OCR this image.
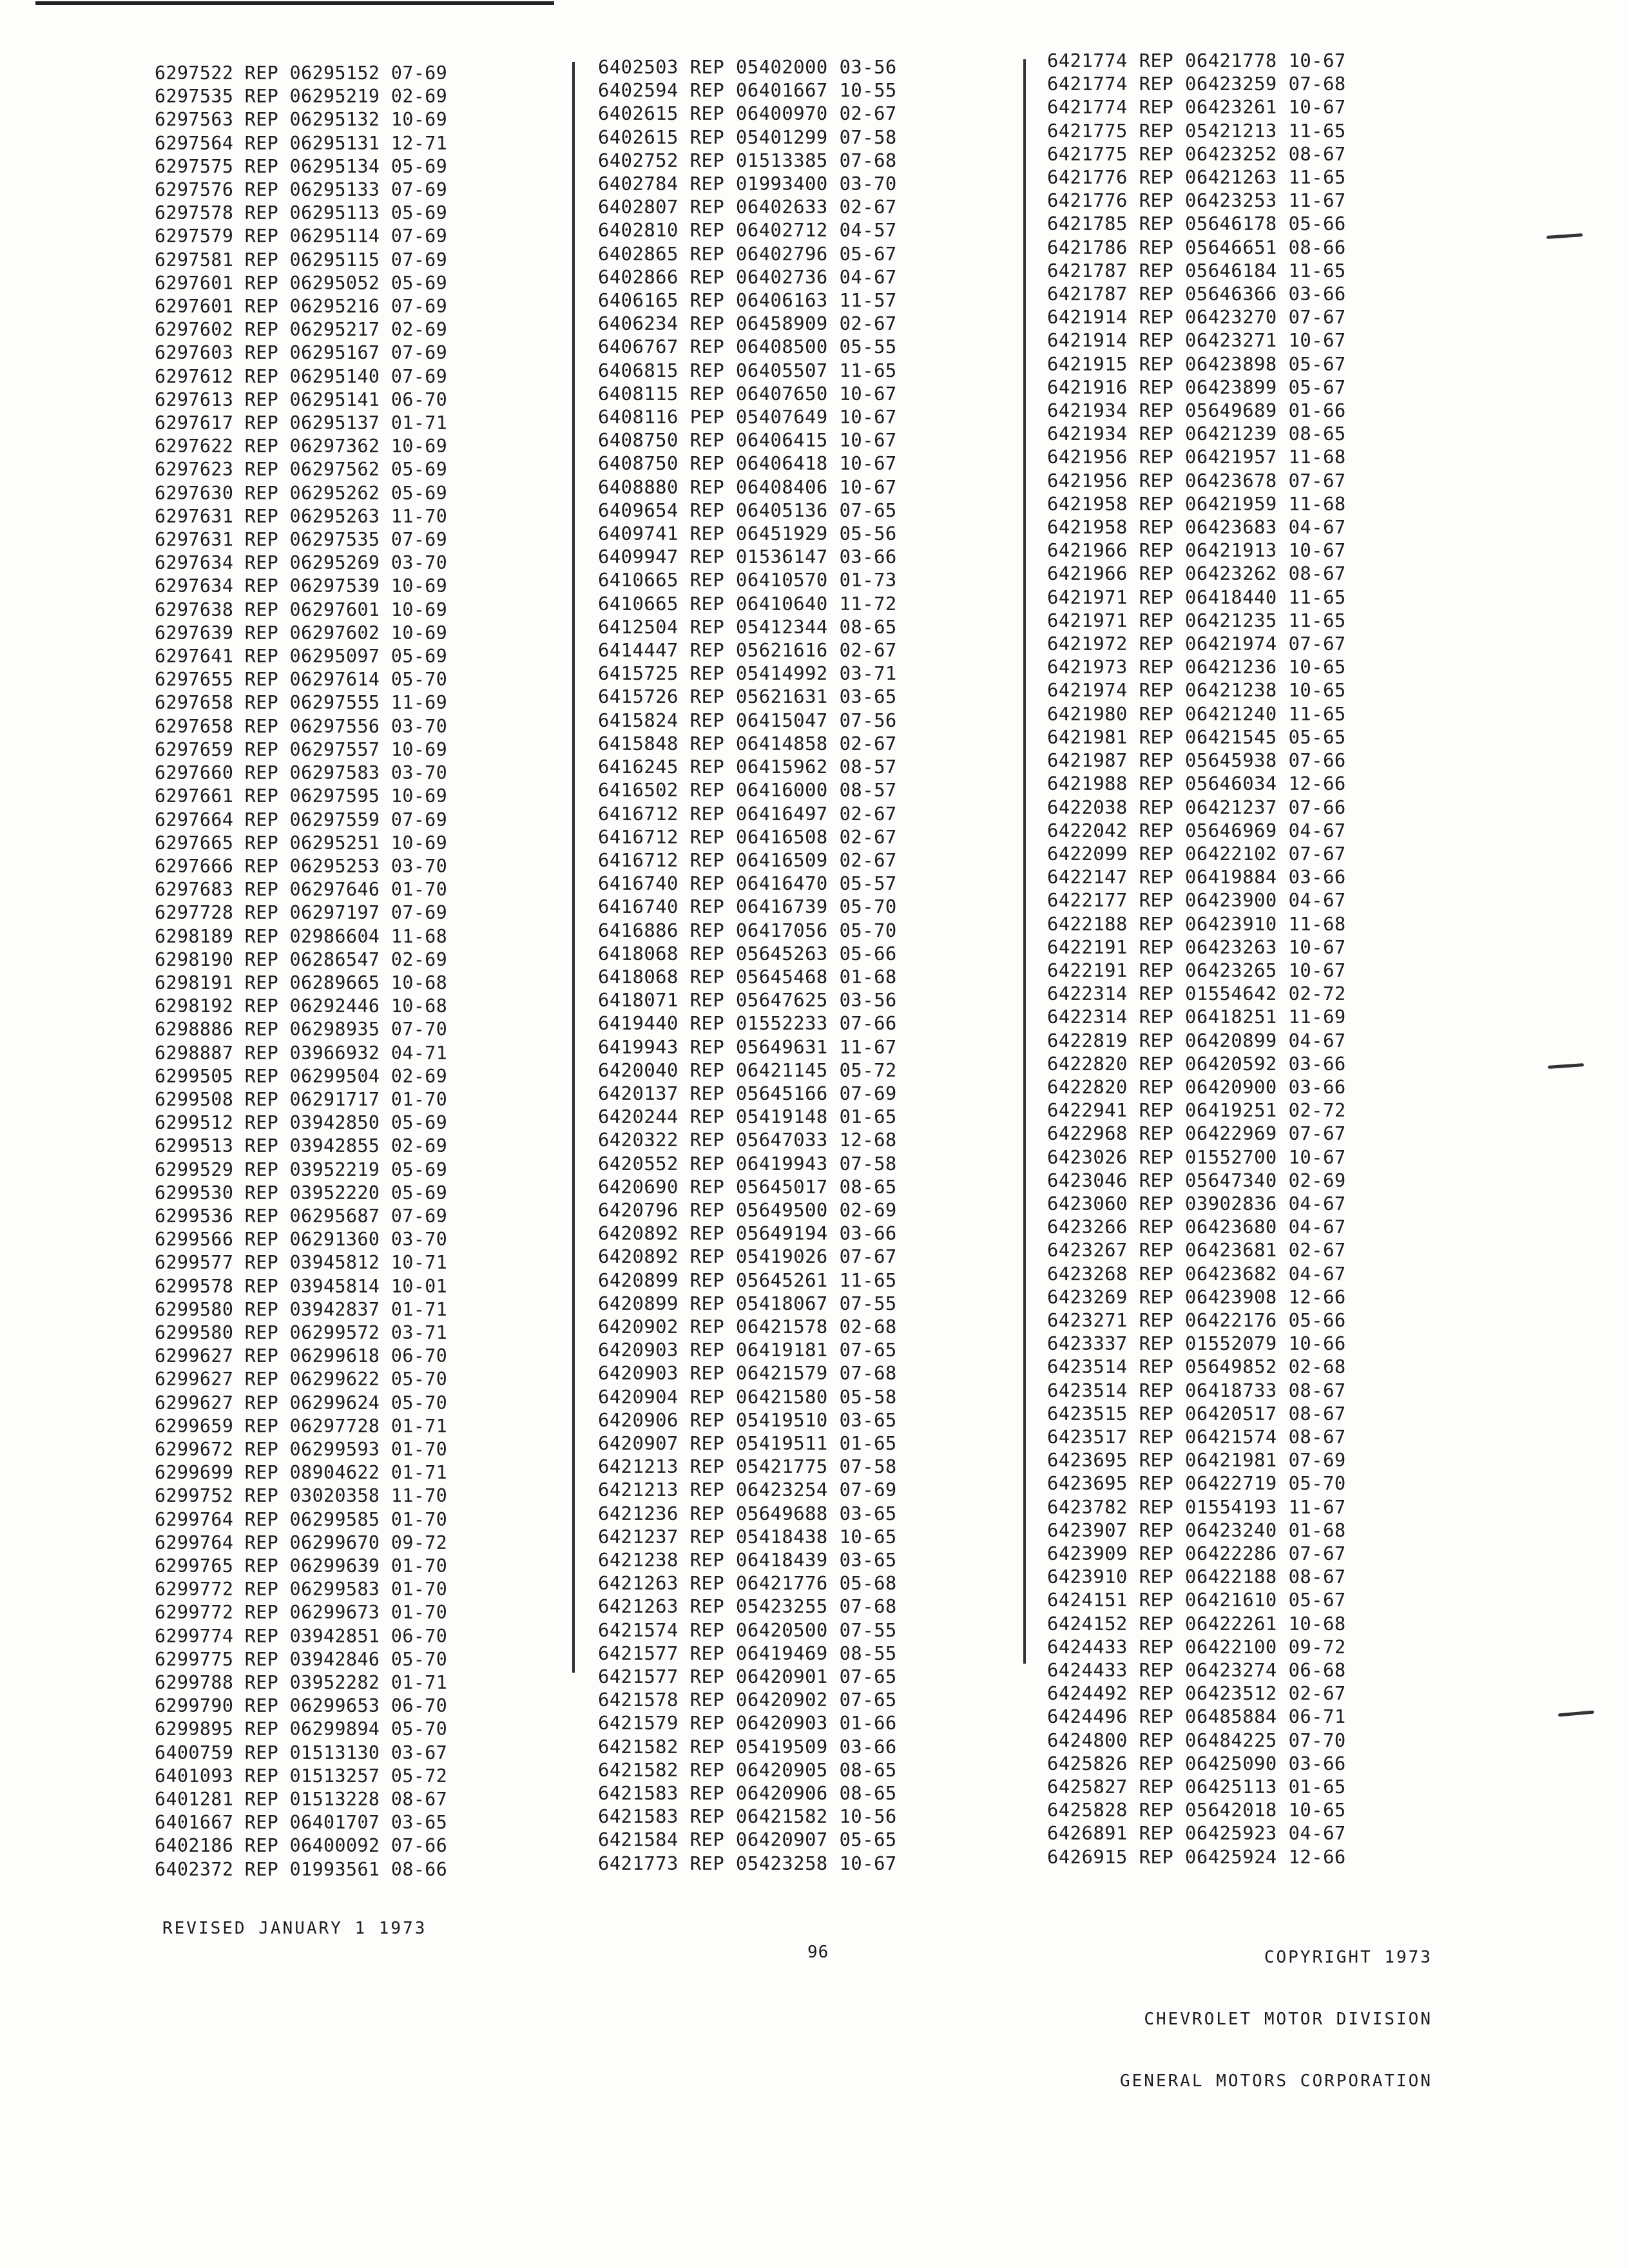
6297522 REP 06295152 07-69
6297535 REP 06295219 02-69
6297563 REP 06295132 10-69
6297564 REP 06295131 12-71
6297575 REP 06295134 05-69
6297576 REP 06295133 07-69
6297578 REP 06295113 05-69
6297579 REP 06295114 07-69
6297581 REP 06295115 07-69
6297601 REP 06295052 05-69
6297601 REP 06295216 07-69
6297602 REP 06295217 02-69
6297603 REP 06295167 07-69
6297612 REP 06295140 07-69
6297613 REP 06295141 06-70
6297617 REP 06295137 01-71
6297622 REP 06297362 10-69
6297623 REP 06297562 05-69
6297630 REP 06295262 05-69
6297631 REP 06295263 11-70
6297631 REP 06297535 07-69
6297634 REP 06295269 03-70
6297634 REP 06297539 10-69
6297638 REP 06297601 10-69
6297639 REP 06297602 10-69
6297641 REP 06295097 05-69
6297655 REP 06297614 05-70
6297658 REP 06297555 11-69
6297658 REP 06297556 03-70
6297659 REP 06297557 10-69
6297660 REP 06297583 03-70
6297661 REP 06297595 10-69
6297664 REP 06297559 07-69
6297665 REP 06295251 10-69
6297666 REP 06295253 03-70
6297683 REP 06297646 01-70
6297728 REP 06297197 07-69
6298189 REP 02986604 11-68
6298190 REP 06286547 02-69
6298191 REP 06289665 10-68
6298192 REP 06292446 10-68
6298886 REP 06298935 07-70
6298887 REP 03966932 04-71
6299505 REP 06299504 02-69
6299508 REP 06291717 01-70
6299512 REP 03942850 05-69
6299513 REP 03942855 02-69
6299529 REP 03952219 05-69
6299530 REP 03952220 05-69
6299536 REP 06295687 07-69
6299566 REP 06291360 03-70
6299577 REP 03945812 10-71
6299578 REP 03945814 10-01
6299580 REP 03942837 01-71
6299580 REP 06299572 03-71
6299627 REP 06299618 06-70
6299627 REP 06299622 05-70
6299627 REP 06299624 05-70
6299659 REP 06297728 01-71
6299672 REP 06299593 01-70
6299699 REP 08904622 01-71
6299752 REP 03020358 11-70
6299764 REP 06299585 01-70
6299764 REP 06299670 09-72
6299765 REP 06299639 01-70
6299772 REP 06299583 01-70
6299772 REP 06299673 01-70
6299774 REP 03942851 06-70
6299775 REP 03942846 05-70
6299788 REP 03952282 01-71
6299790 REP 06299653 06-70
6299895 REP 06299894 05-70
6400759 REP 01513130 03-67
6401093 REP 01513257 05-72
6401281 REP 01513228 08-67
6401667 REP 06401707 03-65
6402186 REP 06400092 07-66
6402372 REP 01993561 08-66
6402503 REP 05402000 03-56
6402594 REP 06401667 10-55
6402615 REP 06400970 02-67
6402615 REP 05401299 07-58
6402752 REP 01513385 07-68
6402784 REP 01993400 03-70
6402807 REP 06402633 02-67
6402810 REP 06402712 04-57
6402865 REP 06402796 05-67
6402866 REP 06402736 04-67
6406165 REP 06406163 11-57
6406234 REP 06458909 02-67
6406767 REP 06408500 05-55
6406815 REP 06405507 11-65
6408115 REP 06407650 10-67
6408116 PEP 05407649 10-67
6408750 REP 06406415 10-67
6408750 REP 06406418 10-67
6408880 REP 06408406 10-67
6409654 REP 06405136 07-65
6409741 REP 06451929 05-56
6409947 REP 01536147 03-66
6410665 REP 06410570 01-73
6410665 REP 06410640 11-72
6412504 REP 05412344 08-65
6414447 REP 05621616 02-67
6415725 REP 05414992 03-71
6415726 REP 05621631 03-65
6415824 REP 06415047 07-56
6415848 REP 06414858 02-67
6416245 REP 06415962 08-57
6416502 REP 06416000 08-57
6416712 REP 06416497 02-67
6416712 REP 06416508 02-67
6416712 REP 06416509 02-67
6416740 REP 06416470 05-57
6416740 REP 06416739 05-70
6416886 REP 06417056 05-70
6418068 REP 05645263 05-66
6418068 REP 05645468 01-68
6418071 REP 05647625 03-56
6419440 REP 01552233 07-66
6419943 REP 05649631 11-67
6420040 REP 06421145 05-72
6420137 REP 05645166 07-69
6420244 REP 05419148 01-65
6420322 REP 05647033 12-68
6420552 REP 06419943 07-58
6420690 REP 05645017 08-65
6420796 REP 05649500 02-69
6420892 REP 05649194 03-66
6420892 REP 05419026 07-67
6420899 REP 05645261 11-65
6420899 REP 05418067 07-55
6420902 REP 06421578 02-68
6420903 REP 06419181 07-65
6420903 REP 06421579 07-68
6420904 REP 06421580 05-58
6420906 REP 05419510 03-65
6420907 REP 05419511 01-65
6421213 REP 05421775 07-58
6421213 REP 06423254 07-69
6421236 REP 05649688 03-65
6421237 REP 05418438 10-65
6421238 REP 06418439 03-65
6421263 REP 06421776 05-68
6421263 REP 05423255 07-68
6421574 REP 06420500 07-55
6421577 REP 06419469 08-55
6421577 REP 06420901 07-65
6421578 REP 06420902 07-65
6421579 REP 06420903 01-66
6421582 REP 05419509 03-66
6421582 REP 06420905 08-65
6421583 REP 06420906 08-65
6421583 REP 06421582 10-56
6421584 REP 06420907 05-65
6421773 REP 05423258 10-67
6421774 REP 06421778 10-67
6421774 REP 06423259 07-68
6421774 REP 06423261 10-67
6421775 REP 05421213 11-65
6421775 REP 06423252 08-67
6421776 REP 06421263 11-65
6421776 REP 06423253 11-67
6421785 REP 05646178 05-66
6421786 REP 05646651 08-66
6421787 REP 05646184 11-65
6421787 REP 05646366 03-66
6421914 REP 06423270 07-67
6421914 REP 06423271 10-67
6421915 REP 06423898 05-67
6421916 REP 06423899 05-67
6421934 REP 05649689 01-66
6421934 REP 06421239 08-65
6421956 REP 06421957 11-68
6421956 REP 06423678 07-67
6421958 REP 06421959 11-68
6421958 REP 06423683 04-67
6421966 REP 06421913 10-67
6421966 REP 06423262 08-67
6421971 REP 06418440 11-65
6421971 REP 06421235 11-65
6421972 REP 06421974 07-67
6421973 REP 06421236 10-65
6421974 REP 06421238 10-65
6421980 REP 06421240 11-65
6421981 REP 06421545 05-65
6421987 REP 05645938 07-66
6421988 REP 05646034 12-66
6422038 REP 06421237 07-66
6422042 REP 05646969 04-67
6422099 REP 06422102 07-67
6422147 REP 06419884 03-66
6422177 REP 06423900 04-67
6422188 REP 06423910 11-68
6422191 REP 06423263 10-67
6422191 REP 06423265 10-67
6422314 REP 01554642 02-72
6422314 REP 06418251 11-69
6422819 REP 06420899 04-67
6422820 REP 06420592 03-66
6422820 REP 06420900 03-66
6422941 REP 06419251 02-72
6422968 REP 06422969 07-67
6423026 REP 01552700 10-67
6423046 REP 05647340 02-69
6423060 REP 03902836 04-67
6423266 REP 06423680 04-67
6423267 REP 06423681 02-67
6423268 REP 06423682 04-67
6423269 REP 06423908 12-66
6423271 REP 06422176 05-66
6423337 REP 01552079 10-66
6423514 REP 05649852 02-68
6423514 REP 06418733 08-67
6423515 REP 06420517 08-67
6423517 REP 06421574 08-67
6423695 REP 06421981 07-69
6423695 REP 06422719 05-70
6423782 REP 01554193 11-67
6423907 REP 06423240 01-68
6423909 REP 06422286 07-67
6423910 REP 06422188 08-67
6424151 REP 06421610 05-67
6424152 REP 06422261 10-68
6424433 REP 06422100 09-72
6424433 REP 06423274 06-68
6424492 REP 06423512 02-67
6424496 REP 06485884 06-71
6424800 REP 06484225 07-70
6425826 REP 06425090 03-66
6425827 REP 06425113 01-65
6425828 REP 05642018 10-65
6426891 REP 06425923 04-67
6426915 REP 06425924 12-66
REVISED JANUARY 1 1973
96

	COPYRIGHT 1973

CHEVROLET MOTOR DIVISION

GENERAL MOTORS CORPORATION
